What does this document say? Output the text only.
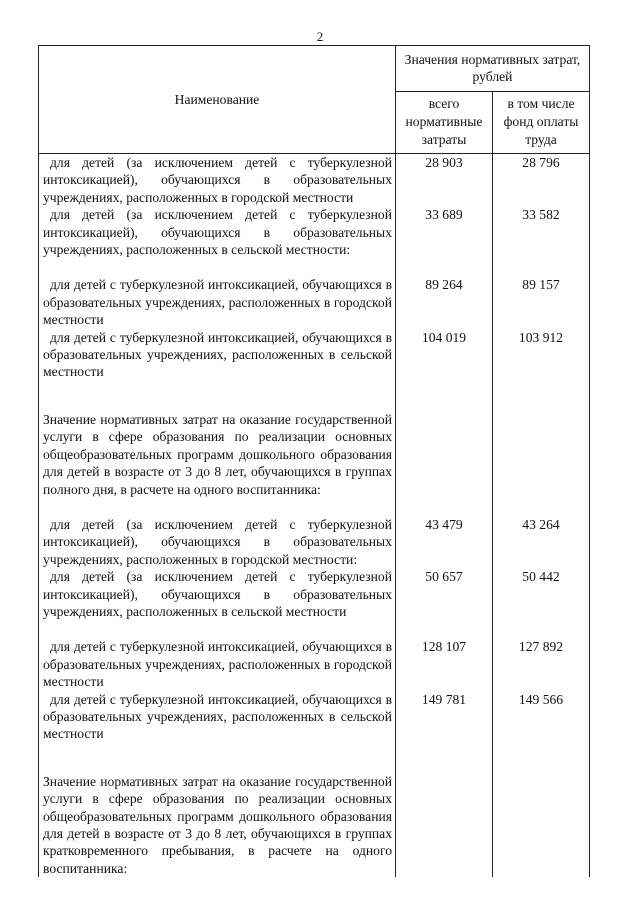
2
Наименование	Значения нормативных затрат, рублей	
	всего нормативные затраты	в том числе фонд оплаты труда

для детей (за исключением детей с туберкулезной интоксикацией), обучающихся в образовательных учреждениях, расположенных в городской местности	28 903	28 796

для детей (за исключением детей с туберкулезной интоксикацией), обучающихся в образовательных учреждениях, расположенных в сельской местности:	33 689	33 582

для детей с туберкулезной интоксикацией, обучающихся в образовательных учреждениях, расположенных в городской местности	89 264	89 157

для детей с туберкулезной интоксикацией, обучающихся в образовательных учреждениях, расположенных в сельской местности	104 019	103 912

Значение нормативных затрат на оказание государственной услуги в сфере образования по реализации основных общеобразовательных программ дошкольного образования для детей в возрасте от 3 до 8 лет, обучающихся в группах полного дня, в расчете на одного воспитанника:		

для детей (за исключением детей с туберкулезной интоксикацией), обучающихся в образовательных учреждениях, расположенных в городской местности:	43 479	43 264

для детей (за исключением детей с туберкулезной интоксикацией), обучающихся в образовательных учреждениях, расположенных в сельской местности	50 657	50 442

для детей с туберкулезной интоксикацией, обучающихся в образовательных учреждениях, расположенных в городской местности	128 107	127 892

для детей с туберкулезной интоксикацией, обучающихся в образовательных учреждениях, расположенных в сельской местности	149 781	149 566

Значение нормативных затрат на оказание государственной услуги в сфере образования по реализации основных общеобразовательных программ дошкольного образования для детей в возрасте от 3 до 8 лет, обучающихся в группах кратковременного пребывания, в расчете на одного воспитанника:		
